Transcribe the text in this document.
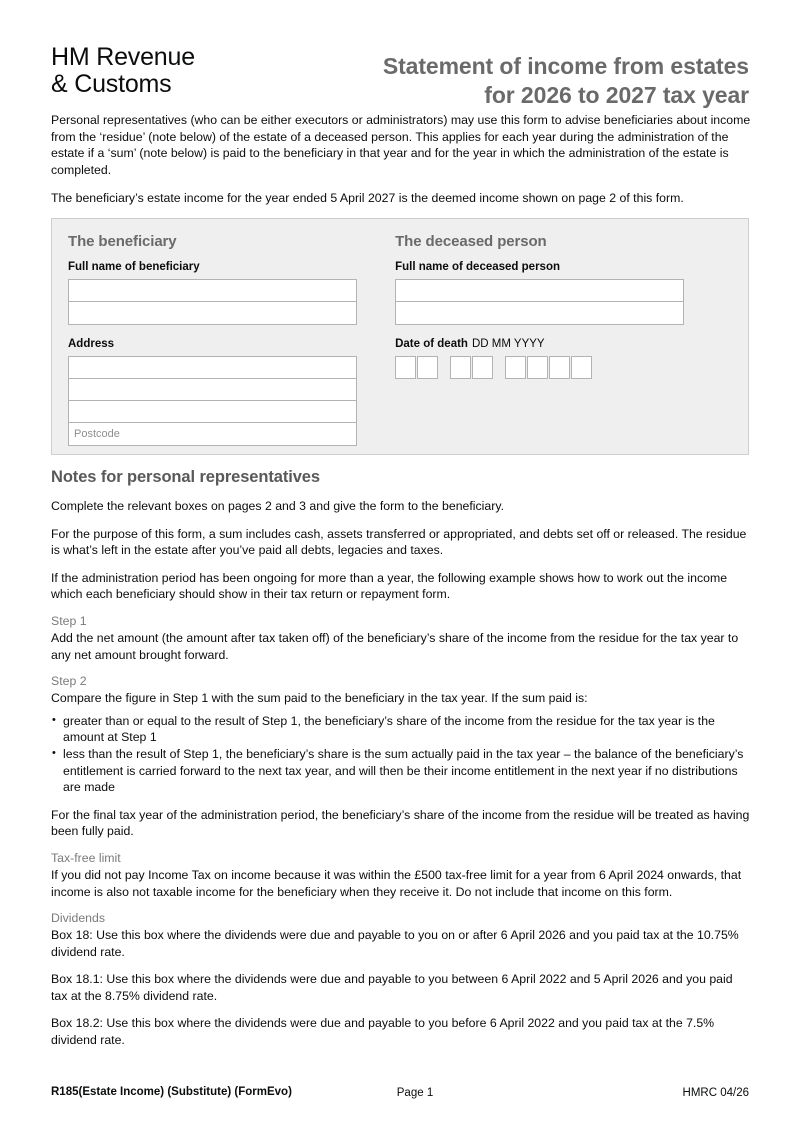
HM Revenue
& Customs
Statement of income from estates
for 2026 to 2027 tax year

Personal representatives (who can be either executors or administrators) may use this form to advise beneficiaries about income from the ‘residue’ (note below) of the estate of a deceased person. This applies for each year during the administration of the estate if a ‘sum’ (note below) is paid to the beneficiary in that year and for the year in which the administration of the estate is completed.

The beneficiary’s estate income for the year ended 5 April 2027 is the deemed income shown on page 2 of this form.

The beneficiary
Full name of beneficiary
Address
Postcode
The deceased person
Full name of deceased person
Date of death DD MM YYYY
Notes for personal representatives

Complete the relevant boxes on pages 2 and 3 and give the form to the beneficiary.

For the purpose of this form, a sum includes cash, assets transferred or appropriated, and debts set off or released. The residue is what’s left in the estate after you’ve paid all debts, legacies and taxes.

If the administration period has been ongoing for more than a year, the following example shows how to work out the income which each beneficiary should show in their tax return or repayment form.

Step 1

Add the net amount (the amount after tax taken off) of the beneficiary’s share of the income from the residue for the tax year to any net amount brought forward.

Step 2

Compare the figure in Step 1 with the sum paid to the beneficiary in the tax year. If the sum paid is:

• greater than or equal to the result of Step 1, the beneficiary’s share of the income from the residue for the tax year is the amount at Step 1
• less than the result of Step 1, the beneficiary’s share is the sum actually paid in the tax year – the balance of the beneficiary’s entitlement is carried forward to the next tax year, and will then be their income entitlement in the next year if no distributions are made

For the final tax year of the administration period, the beneficiary’s share of the income from the residue will be treated as having been fully paid.

Tax-free limit

If you did not pay Income Tax on income because it was within the £500 tax-free limit for a year from 6 April 2024 onwards, that income is also not taxable income for the beneficiary when they receive it. Do not include that income on this form.

Dividends

Box 18: Use this box where the dividends were due and payable to you on or after 6 April 2026 and you paid tax at the 10.75% dividend rate.

Box 18.1: Use this box where the dividends were due and payable to you between 6 April 2022 and 5 April 2026 and you paid tax at the 8.75% dividend rate.

Box 18.2: Use this box where the dividends were due and payable to you before 6 April 2022 and you paid tax at the 7.5% dividend rate.

R185(Estate Income) (Substitute) (FormEvo)	Page 1	HMRC 04/26
